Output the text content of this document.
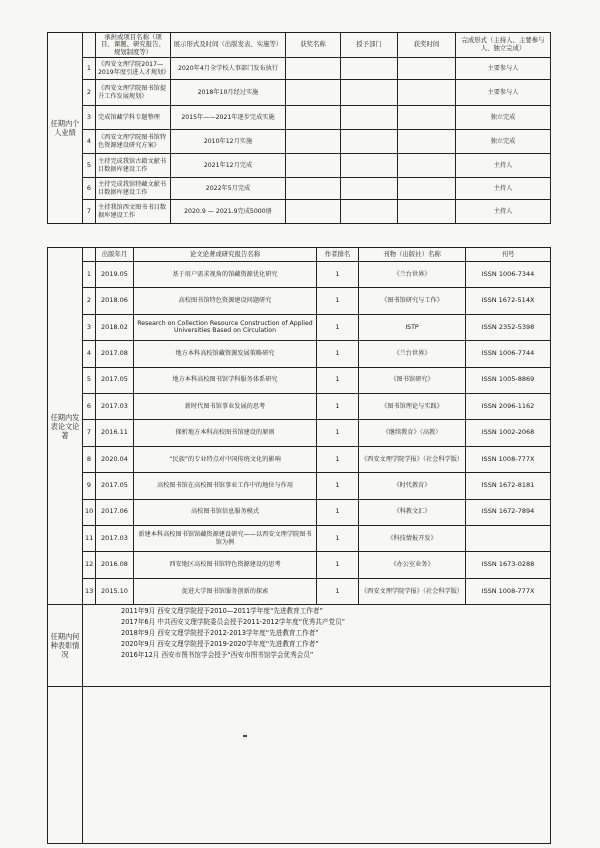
任期内个人业绩		承担或项目名称（项目、课题、研究报告、规划制度等）	展示形式及时间（出版发表、实施等）	获奖名称	授予部门	获奖时间	完成形式（主持人、主要参与人、独立完成）
	1	《西安文理学院2017—2019年度引进人才规划》	2020年4月全学校人事部门发布执行				主要参与人
	2	《西安文理学院图书馆提升工作发展规划》	2018年10月经过实施				主要参与人
	3	完成馆藏学科专题整理	2015年——2021年逐步完成实施				独立完成
	4	《西安文理学院图书馆特色资源建设研究方案》	2010年12月实施				独立完成
	5	主持完成我馆古籍文献书目数据库建设工作	2021年12月完成				主持人
	6	主持完成我馆特藏文献书目数据库建设工作	2022年5月完成				主持人
	7	主持我馆西文图书书目数据库建设工作	2020.9 — 2021.9完成5000册				主持人
任期内发表论文论著		出版年月	论文论著或研究报告名称	作者排名	刊物（出版社）名称	刊号
	1	2019.05	基于用户需求视角的馆藏资源优化研究	1	《兰台世界》	ISSN 1006-7344
	2	2018.06	高校图书馆特色资源建设问题研究	1	《图书馆研究与工作》	ISSN 1672-514X
	3	2018.02	Research on Collection Resource Construction of Applied Universities Based on Circulation	1	ISTP	ISSN 2352-5398
	4	2017.08	地方本科高校馆藏资源发展策略研究	1	《兰台世界》	ISSN 1006-7744
	5	2017.05	地方本科高校图书馆学科服务体系研究	1	《图书馆研究》	ISSN 1005-8869
	6	2017.03	新时代图书馆事业发展的思考	1	《图书馆理论与实践》	ISSN 2096-1162
	7	2016.11	探析地方本科高校图书馆建设的原则	1	《继续教育》（高教）	ISSN 1002-2068
	8	2020.04	“民族”的专业特点对中国传统文化的影响	1	《西安文理学院学报》（社会科学版）	ISSN 1008-777X
	9	2017.05	高校图书馆在高校图书馆事业工作中的地位与作用	1	《时代教育》	ISSN 1672-8181
	10	2017.06	高校图书馆信息服务模式	1	《科教文汇》	ISSN 1672-7894
	11	2017.03	新建本科高校图书馆馆藏资源建设研究——以西安文理学院图书馆为例	1	《科技情报开发》	
	12	2016.08	西安地区高校图书馆特色资源建设的思考	1	《办公室业务》	ISSN 1673-0288
	13	2015.10	促进大学图书馆服务创新的探索	1	《西安文理学院学报》（社会科学版）	ISSN 1008-777X
任期内何种表彰情况	2011年9月 西安文理学院授予2010—2011学年度“先进教育工作者”
2017年6月 中共西安文理学院委员会授予2011-2012学年度“优秀共产党员”
2018年9月 西安文理学院授予2012-2013学年度“先进教育工作者”
2020年9月 西安文理学院授予2019-2020学年度“先进教育工作者”
2016年12月 西安市图书馆学会授予“西安市图书馆学会优秀会员”
